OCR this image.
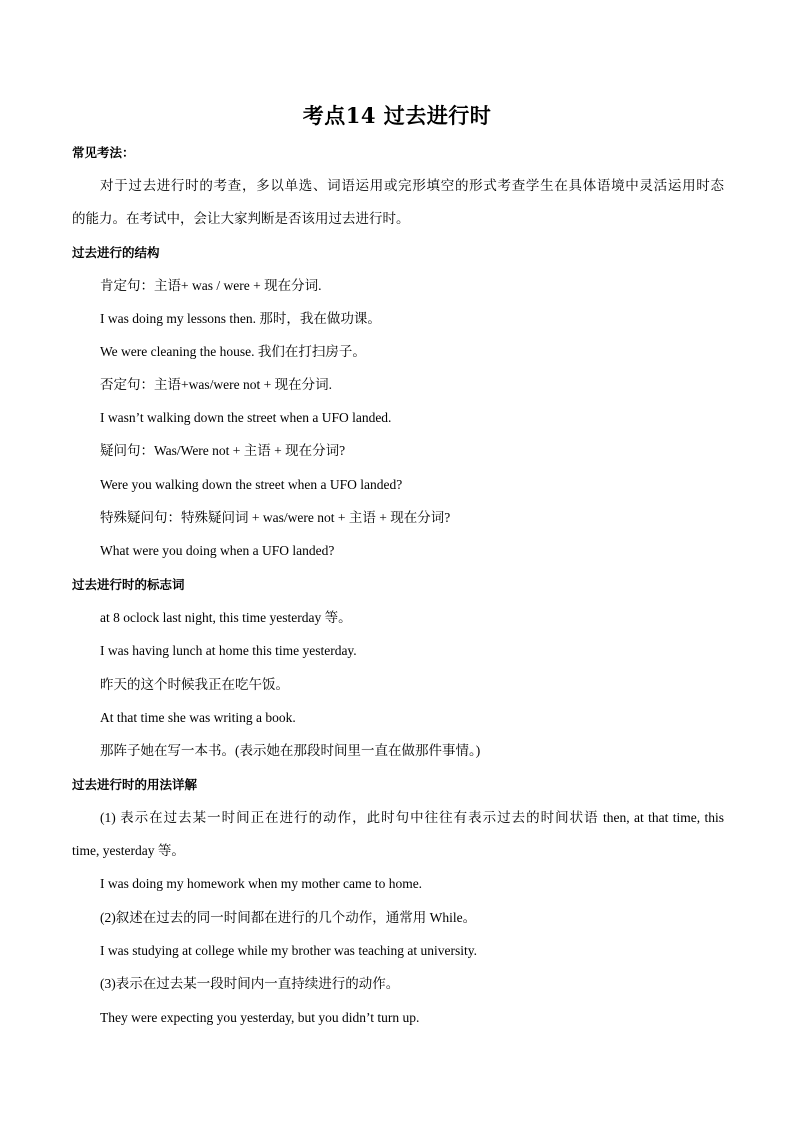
考点14 过去进行时
常见考法：
对于过去进行时的考查，多以单选、词语运用或完形填空的形式考查学生在具体语境中灵活运用时态
的能力。在考试中，会让大家判断是否该用过去进行时。
过去进行的结构
肯定句：主语+ was / were + 现在分词.
I was doing my lessons then. 那时，我在做功课。
We were cleaning the house. 我们在打扫房子。
否定句：主语+was/were not + 现在分词.
I wasn’t walking down the street when a UFO landed.
疑问句：Was/Were not + 主语 + 现在分词?
Were you walking down the street when a UFO landed?
特殊疑问句：特殊疑问词 + was/were not + 主语 + 现在分词?
What were you doing when a UFO landed?
过去进行时的标志词
at 8 oclock last night, this time yesterday 等。
I was having lunch at home this time yesterday.
昨天的这个时候我正在吃午饭。
At that time she was writing a book.
那阵子她在写一本书。(表示她在那段时间里一直在做那件事情。)
过去进行时的用法详解
(1) 表示在过去某一时间正在进行的动作，此时句中往往有表示过去的时间状语 then, at that time, this
time, yesterday 等。
I was doing my homework when my mother came to home.
(2)叙述在过去的同一时间都在进行的几个动作，通常用 While。
I was studying at college while my brother was teaching at university.
(3)表示在过去某一段时间内一直持续进行的动作。
They were expecting you yesterday, but you didn’t turn up.
